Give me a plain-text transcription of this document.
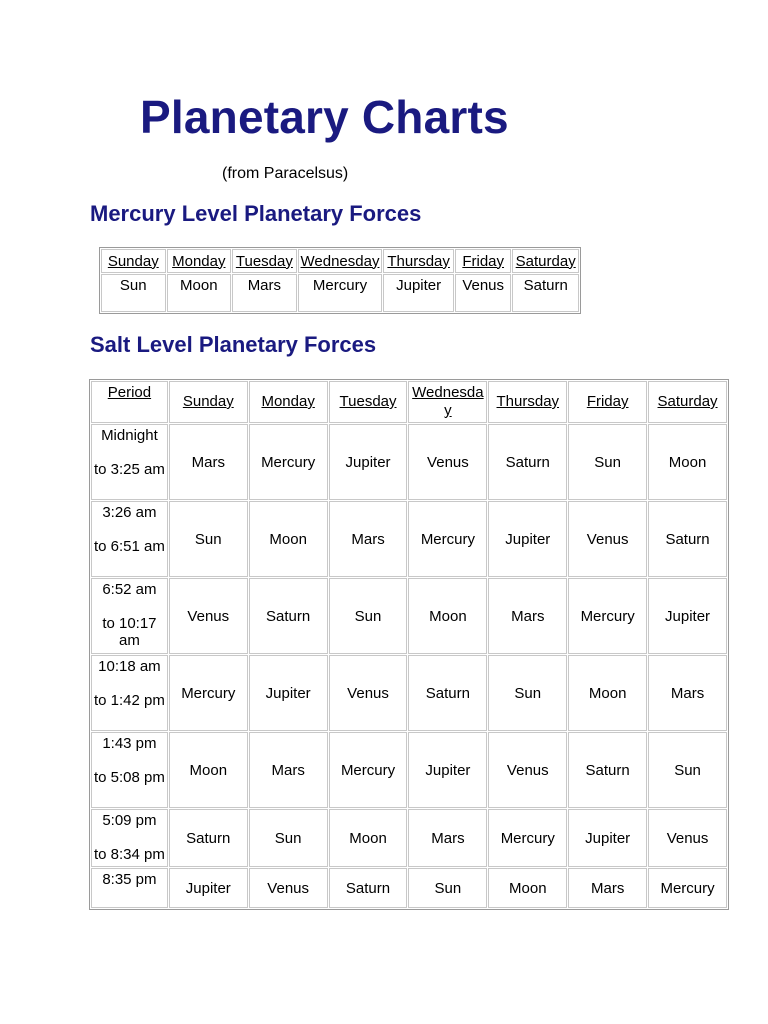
Planetary Charts
(from Paracelsus)
Mercury Level Planetary Forces
Sunday	Monday	Tuesday	Wednesday	Thursday	Friday	Saturday
Sun	Moon	Mars	Mercury	Jupiter	Venus	Saturn
Salt Level Planetary Forces
Period	Sunday	Monday	Tuesday	Wednesda y	Thursday	Friday	Saturday
Midnight
to 3:25 am	Mars	Mercury	Jupiter	Venus	Saturn	Sun	Moon
3:26 am
to 6:51 am	Sun	Moon	Mars	Mercury	Jupiter	Venus	Saturn
6:52 am
to 10:17 am	Venus	Saturn	Sun	Moon	Mars	Mercury	Jupiter
10:18 am
to 1:42 pm	Mercury	Jupiter	Venus	Saturn	Sun	Moon	Mars
1:43 pm
to 5:08 pm	Moon	Mars	Mercury	Jupiter	Venus	Saturn	Sun
5:09 pm
to 8:34 pm	Saturn	Sun	Moon	Mars	Mercury	Jupiter	Venus
8:35 pm	Jupiter	Venus	Saturn	Sun	Moon	Mars	Mercury
